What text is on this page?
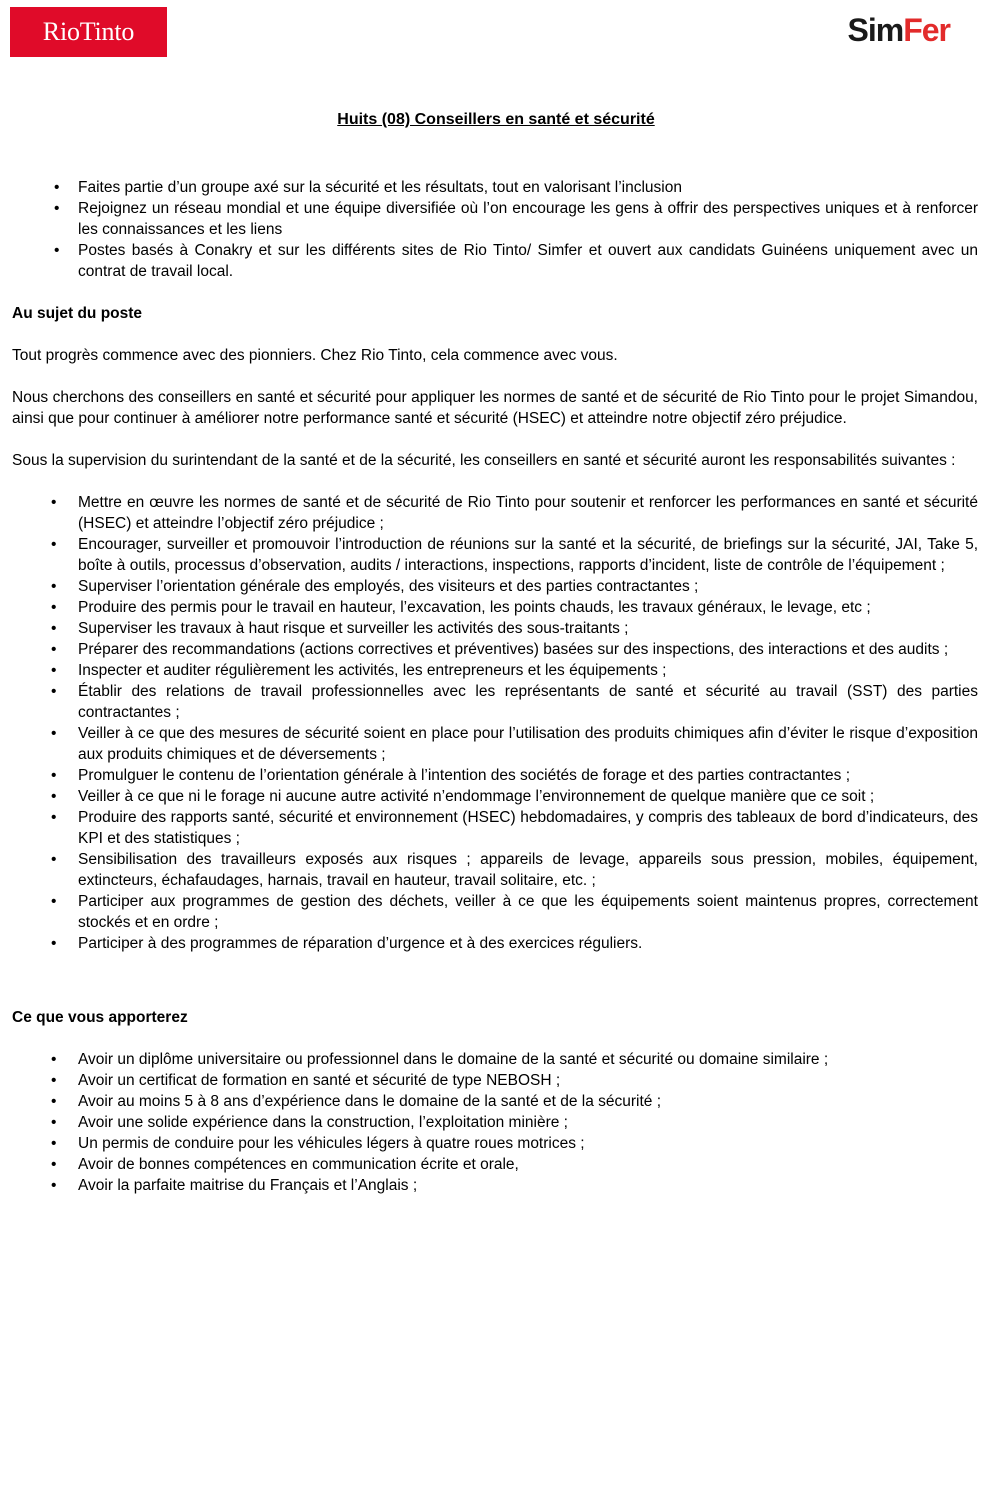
RioTinto	SimFer
Huits (08) Conseillers en santé et sécurité
• Faites partie d’un groupe axé sur la sécurité et les résultats, tout en valorisant l’inclusion
• Rejoignez un réseau mondial et une équipe diversifiée où l’on encourage les gens à offrir des perspectives uniques et à renforcer les connaissances et les liens
• Postes basés à Conakry et sur les différents sites de Rio Tinto/ Simfer et ouvert aux candidats Guinéens uniquement avec un contrat de travail local.
Au sujet du poste

Tout progrès commence avec des pionniers. Chez Rio Tinto, cela commence avec vous.

Nous cherchons des conseillers en santé et sécurité pour appliquer les normes de santé et de sécurité de Rio Tinto pour le projet Simandou, ainsi que pour continuer à améliorer notre performance santé et sécurité (HSEC) et atteindre notre objectif zéro préjudice.

Sous la supervision du surintendant de la santé et de la sécurité, les conseillers en santé et sécurité auront les responsabilités suivantes :

• Mettre en œuvre les normes de santé et de sécurité de Rio Tinto pour soutenir et renforcer les performances en santé et sécurité (HSEC) et atteindre l’objectif zéro préjudice ;
• Encourager, surveiller et promouvoir l’introduction de réunions sur la santé et la sécurité, de briefings sur la sécurité, JAI, Take 5, boîte à outils, processus d’observation, audits / interactions, inspections, rapports d’incident, liste de contrôle de l’équipement ;
• Superviser l’orientation générale des employés, des visiteurs et des parties contractantes ;
• Produire des permis pour le travail en hauteur, l’excavation, les points chauds, les travaux généraux, le levage, etc ;
• Superviser les travaux à haut risque et surveiller les activités des sous-traitants ;
• Préparer des recommandations (actions correctives et préventives) basées sur des inspections, des interactions et des audits ;
• Inspecter et auditer régulièrement les activités, les entrepreneurs et les équipements ;
• Établir des relations de travail professionnelles avec les représentants de santé et sécurité au travail (SST) des parties contractantes ;
• Veiller à ce que des mesures de sécurité soient en place pour l’utilisation des produits chimiques afin d’éviter le risque d’exposition aux produits chimiques et de déversements ;
• Promulguer le contenu de l’orientation générale à l’intention des sociétés de forage et des parties contractantes ;
• Veiller à ce que ni le forage ni aucune autre activité n’endommage l’environnement de quelque manière que ce soit ;
• Produire des rapports santé, sécurité et environnement (HSEC) hebdomadaires, y compris des tableaux de bord d’indicateurs, des KPI et des statistiques ;
• Sensibilisation des travailleurs exposés aux risques ; appareils de levage, appareils sous pression, mobiles, équipement, extincteurs, échafaudages, harnais, travail en hauteur, travail solitaire, etc. ;
• Participer aux programmes de gestion des déchets, veiller à ce que les équipements soient maintenus propres, correctement stockés et en ordre ;
• Participer à des programmes de réparation d’urgence et à des exercices réguliers.
Ce que vous apporterez
• Avoir un diplôme universitaire ou professionnel dans le domaine de la santé et sécurité ou domaine similaire ;
• Avoir un certificat de formation en santé et sécurité de type NEBOSH ;
• Avoir au moins 5 à 8 ans d’expérience dans le domaine de la santé et de la sécurité ;
• Avoir une solide expérience dans la construction, l’exploitation minière ;
• Un permis de conduire pour les véhicules légers à quatre roues motrices ;
• Avoir de bonnes compétences en communication écrite et orale,
• Avoir la parfaite maitrise du Français et l’Anglais ;
